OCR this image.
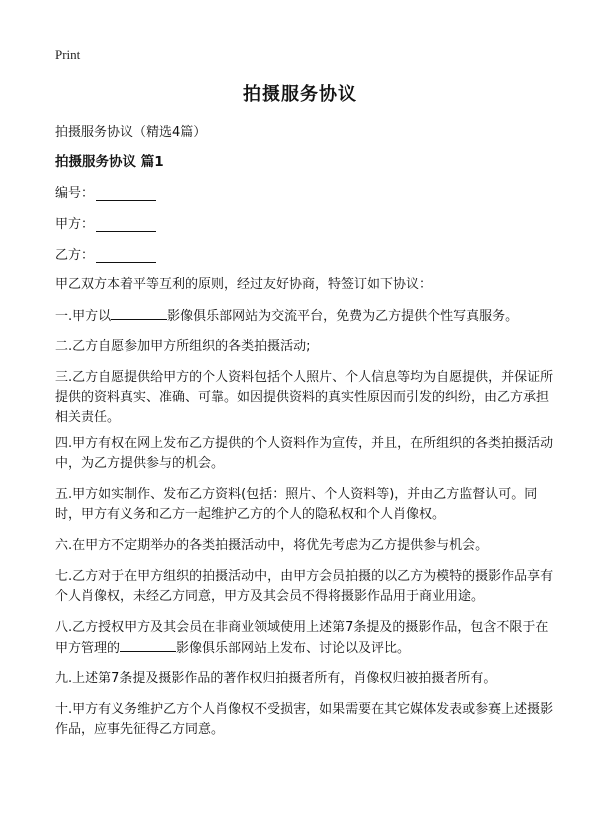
Print
拍摄服务协议
拍摄服务协议（精选4篇）
拍摄服务协议 篇1
编号：
甲方：
乙方：
甲乙双方本着平等互利的原则，经过友好协商，特签订如下协议：
一.甲方以	影像俱乐部网站为交流平台，免费为乙方提供个性写真服务。
二.乙方自愿参加甲方所组织的各类拍摄活动;
三.乙方自愿提供给甲方的个人资料包括个人照片、个人信息等均为自愿提供，并保证所提供的资料真实、准确、可靠。如因提供资料的真实性原因而引发的纠纷，由乙方承担相关责任。
四.甲方有权在网上发布乙方提供的个人资料作为宣传，并且，在所组织的各类拍摄活动中，为乙方提供参与的机会。
五.甲方如实制作、发布乙方资料(包括：照片、个人资料等)，并由乙方监督认可。同时，甲方有义务和乙方一起维护乙方的个人的隐私权和个人肖像权。
六.在甲方不定期举办的各类拍摄活动中，将优先考虑为乙方提供参与机会。
七.乙方对于在甲方组织的拍摄活动中，由甲方会员拍摄的以乙方为模特的摄影作品享有个人肖像权，未经乙方同意，甲方及其会员不得将摄影作品用于商业用途。
八.乙方授权甲方及其会员在非商业领域使用上述第7条提及的摄影作品，包含不限于在甲方管理的	影像俱乐部网站上发布、讨论以及评比。
九.上述第7条提及摄影作品的著作权归拍摄者所有，肖像权归被拍摄者所有。
十.甲方有义务维护乙方个人肖像权不受损害，如果需要在其它媒体发表或参赛上述摄影作品，应事先征得乙方同意。
